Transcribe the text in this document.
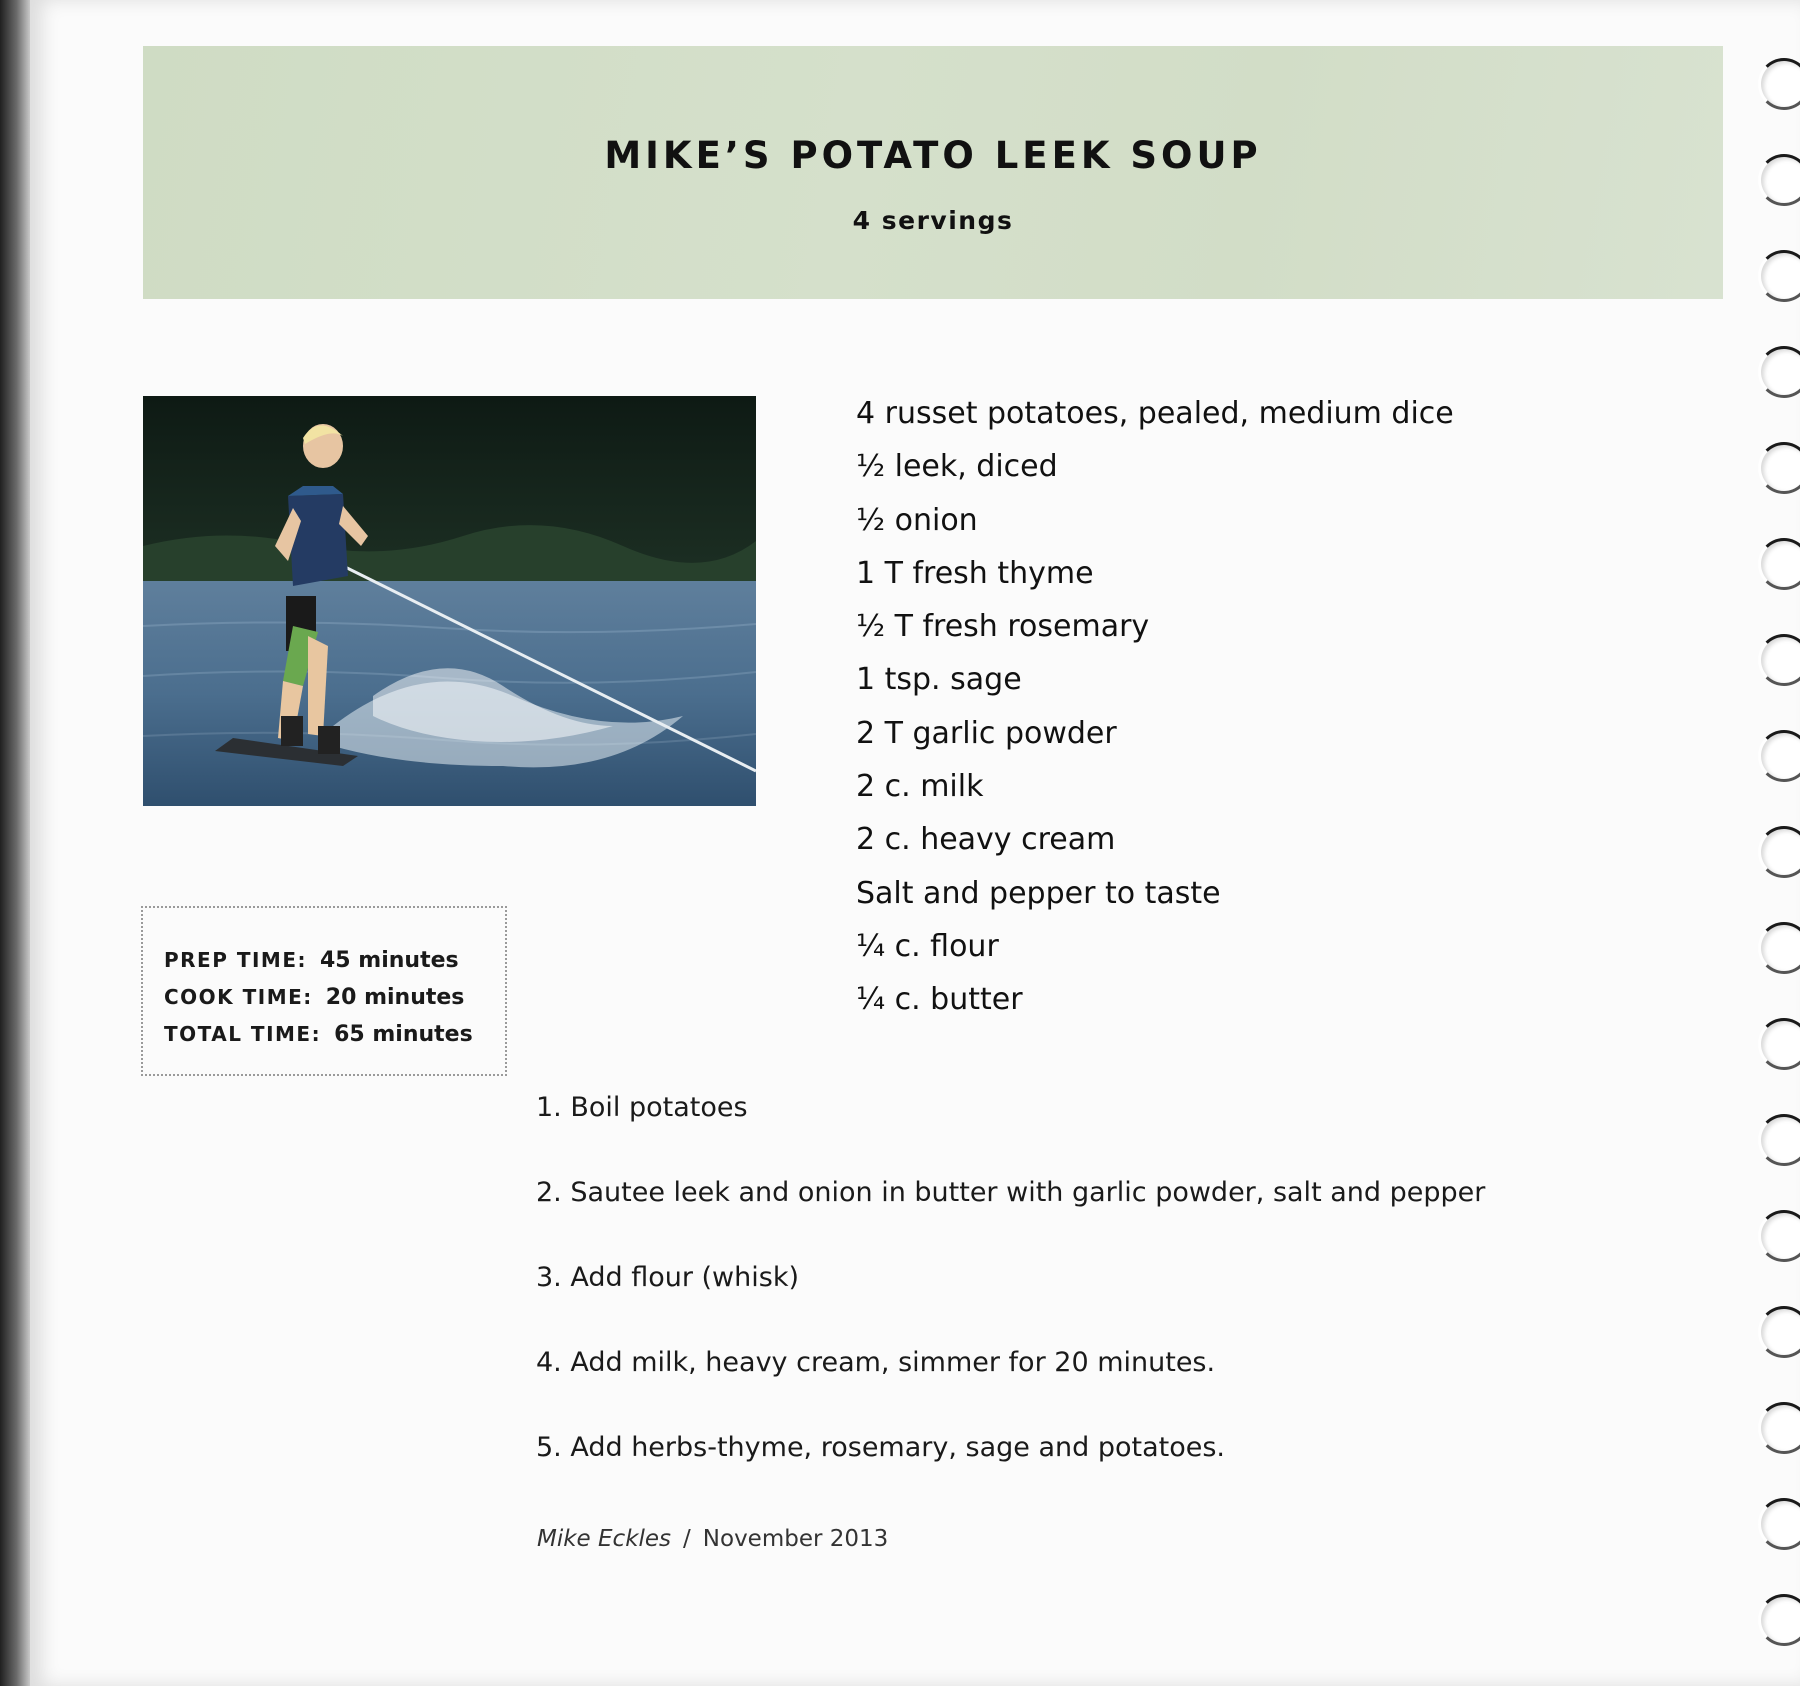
MIKE’S POTATO LEEK SOUP
4 servings
PREP TIME: 45 minutes
COOK TIME: 20 minutes
TOTAL TIME: 65 minutes
4 russet potatoes, pealed, medium dice
½ leek, diced
½ onion
1 T fresh thyme
½ T fresh rosemary
1 tsp. sage
2 T garlic powder
2 c. milk
2 c. heavy cream
Salt and pepper to taste
¼ c. flour
¼ c. butter
1. Boil potatoes
2. Sautee leek and onion in butter with garlic powder, salt and pepper
3. Add flour (whisk)
4. Add milk, heavy cream, simmer for 20 minutes.
5. Add herbs-thyme, rosemary, sage and potatoes.
Mike Eckles / November 2013
